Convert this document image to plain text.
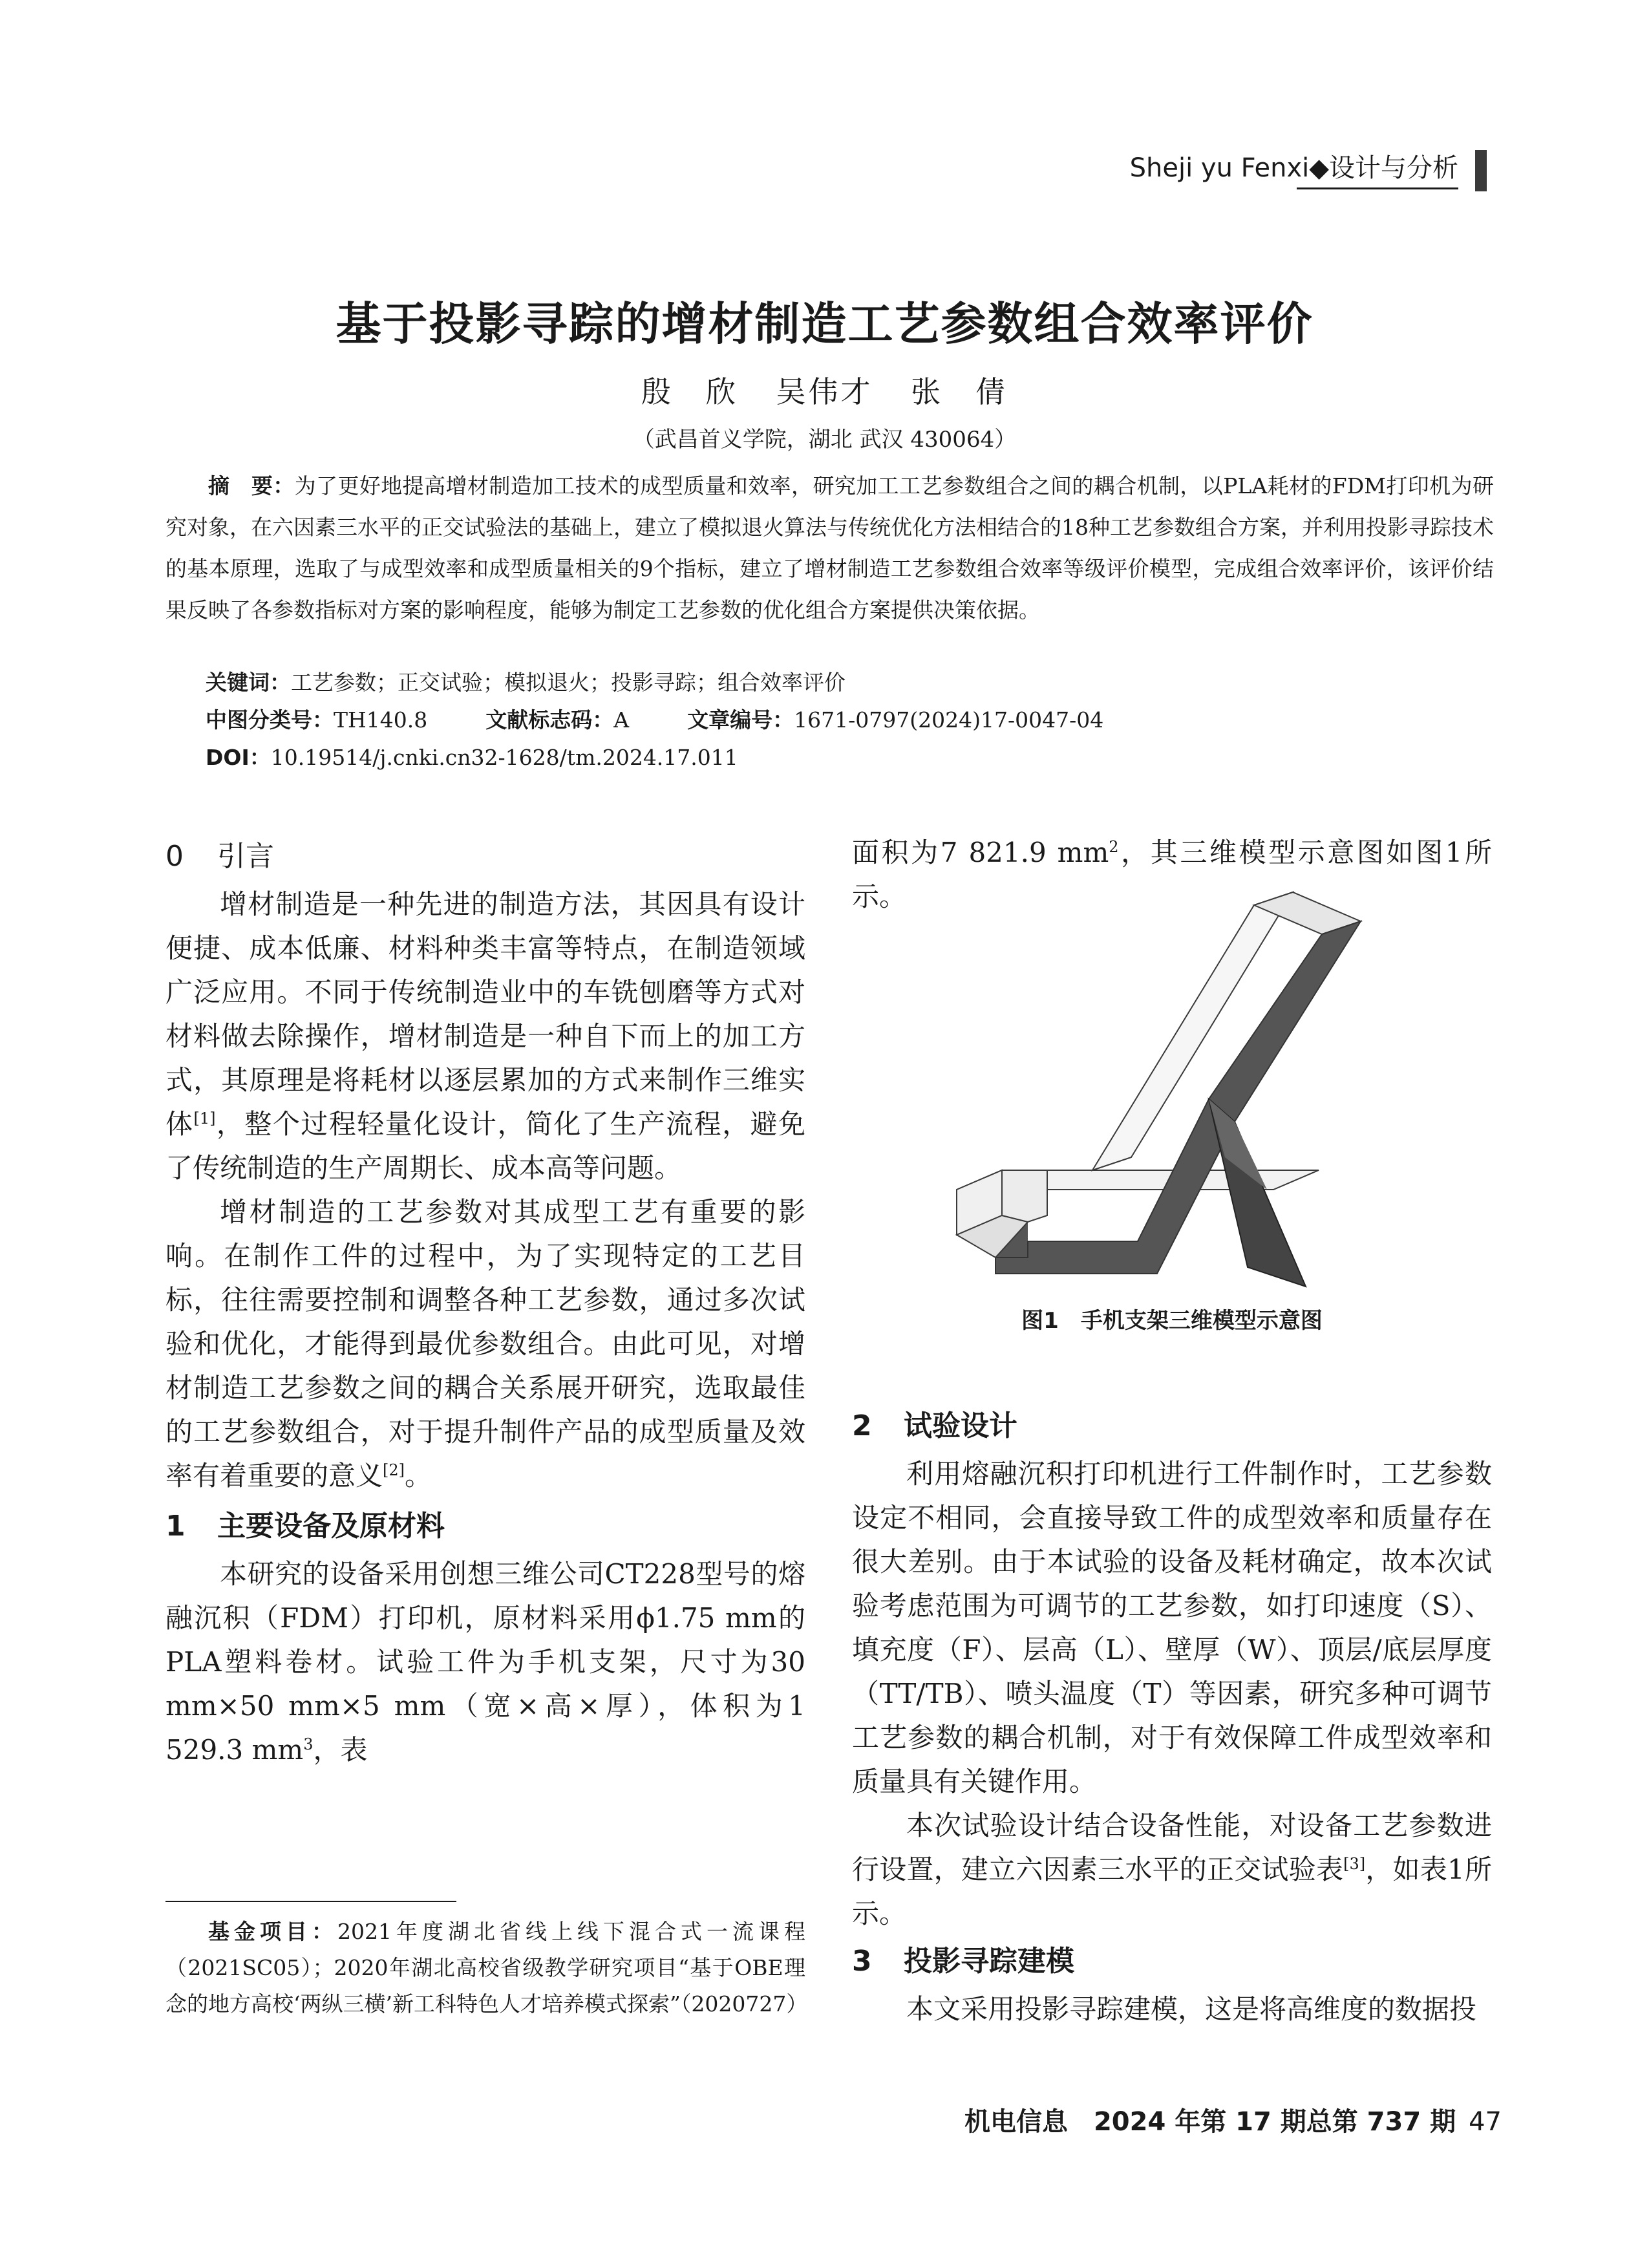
Sheji yu Fenxi◆设计与分析
基于投影寻踪的增材制造工艺参数组合效率评价
殷　欣 吴伟才 张　倩
（武昌首义学院，湖北 武汉 430064）
摘　要：为了更好地提高增材制造加工技术的成型质量和效率，研究加工工艺参数组合之间的耦合机制，以PLA耗材的FDM打印机为研究对象，在六因素三水平的正交试验法的基础上，建立了模拟退火算法与传统优化方法相结合的18种工艺参数组合方案，并利用投影寻踪技术的基本原理，选取了与成型效率和成型质量相关的9个指标，建立了增材制造工艺参数组合效率等级评价模型，完成组合效率评价，该评价结果反映了各参数指标对方案的影响程度，能够为制定工艺参数的优化组合方案提供决策依据。
关键词：工艺参数；正交试验；模拟退火；投影寻踪；组合效率评价
中图分类号：TH140.8	文献标志码：A	文章编号：1671-0797(2024)17-0047-04
DOI：10.19514/j.cnki.cn32-1628/tm.2024.17.011
0 引言

增材制造是一种先进的制造方法，其因具有设计便捷、成本低廉、材料种类丰富等特点，在制造领域广泛应用。不同于传统制造业中的车铣刨磨等方式对材料做去除操作，增材制造是一种自下而上的加工方式，其原理是将耗材以逐层累加的方式来制作三维实体[1]，整个过程轻量化设计，简化了生产流程，避免了传统制造的生产周期长、成本高等问题。

增材制造的工艺参数对其成型工艺有重要的影响。在制作工件的过程中，为了实现特定的工艺目标，往往需要控制和调整各种工艺参数，通过多次试验和优化，才能得到最优参数组合。由此可见，对增材制造工艺参数之间的耦合关系展开研究，选取最佳的工艺参数组合，对于提升制件产品的成型质量及效率有着重要的意义[2]。

1 主要设备及原材料

本研究的设备采用创想三维公司CT228型号的熔融沉积（FDM）打印机，原材料采用ϕ1.75 mm的PLA塑料卷材。试验工件为手机支架，尺寸为30 mm×50 mm×5 mm（宽×高×厚），体积为1 529.3 $mm^3$，表

面积为7 821.9 $mm^2$，其三维模型示意图如图1所示。

2 试验设计

利用熔融沉积打印机进行工件制作时，工艺参数设定不相同，会直接导致工件的成型效率和质量存在很大差别。由于本试验的设备及耗材确定，故本次试验考虑范围为可调节的工艺参数，如打印速度（S）、填充度（F）、层高（L）、壁厚（W）、顶层/底层厚度（TT/TB）、喷头温度（T）等因素，研究多种可调节工艺参数的耦合机制，对于有效保障工件成型效率和质量具有关键作用。

本次试验设计结合设备性能，对设备工艺参数进行设置，建立六因素三水平的正交试验表[3]，如表1所示。

3 投影寻踪建模

本文采用投影寻踪建模，这是将高维度的数据投

图1　手机支架三维模型示意图
基金项目：2021年度湖北省线上线下混合式一流课程（2021SC05）；2020年湖北高校省级教学研究项目“基于OBE理念的地方高校‘两纵三横’新工科特色人才培养模式探索”（2020727）
机电信息　2024 年第 17 期总第 737 期 47
